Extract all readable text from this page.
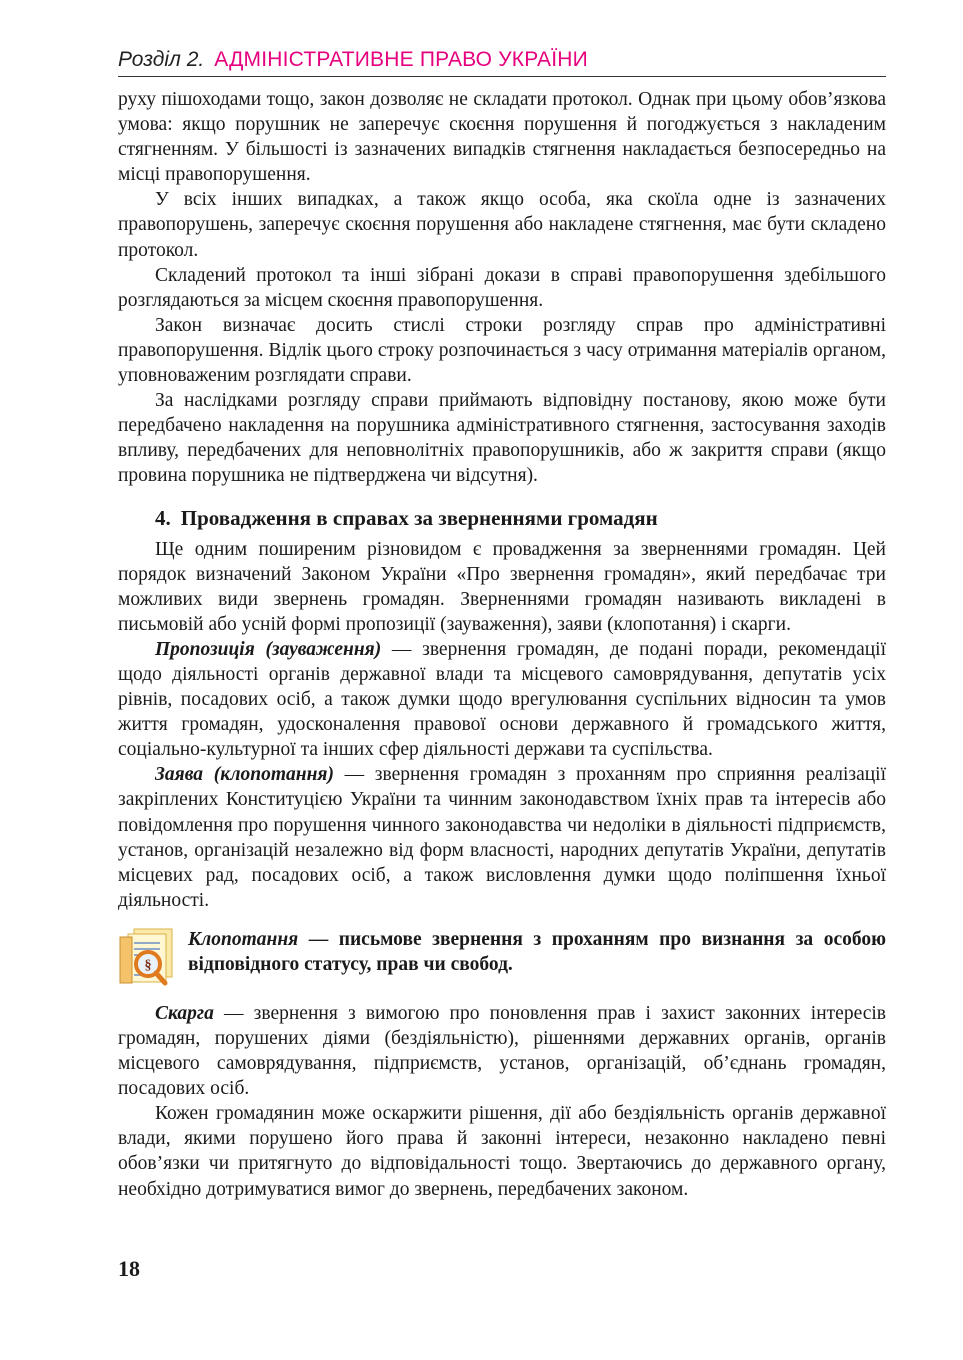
Розділ 2. АДМІНІСТРАТИВНЕ ПРАВО УКРАЇНИ

руху пішоходами тощо, закон дозволяє не складати протокол. Однак при цьому обов’язкова умова: якщо порушник не заперечує скоєння порушення й погоджується з накладеним стягненням. У більшості із зазначених випадків стягнення накладається безпосередньо на місці правопорушення.

У всіх інших випадках, а також якщо особа, яка скоїла одне із зазначених правопорушень, заперечує скоєння порушення або накладене стягнення, має бути складено протокол.

Складений протокол та інші зібрані докази в справі правопорушення здебільшого розглядаються за місцем скоєння правопорушення.

Закон визначає досить стислі строки розгляду справ про адміністративні правопорушення. Відлік цього строку розпочинається з часу отримання матеріалів органом, уповноваженим розглядати справи.

За наслідками розгляду справи приймають відповідну постанову, якою може бути передбачено накладення на порушника адміністративного стягнення, застосування заходів впливу, передбачених для неповнолітніх правопорушників, або ж закриття справи (якщо провина порушника не підтверджена чи відсутня).

4. Провадження в справах за зверненнями громадян

Ще одним поширеним різновидом є провадження за зверненнями громадян. Цей порядок визначений Законом України «Про звернення громадян», який передбачає три можливих види звернень громадян. Зверненнями громадян називають викладені в письмовій або усній формі пропозиції (зауваження), заяви (клопотання) і скарги.

Пропозиція (зауваження) — звернення громадян, де подані поради, рекомендації щодо діяльності органів державної влади та місцевого самоврядування, депутатів усіх рівнів, посадових осіб, а також думки щодо врегулювання суспільних відносин та умов життя громадян, удосконалення правової основи державного й громадського життя, соціально-культурної та інших сфер діяльності держави та суспільства.

Заява (клопотання) — звернення громадян з проханням про сприяння реалізації закріплених Конституцією України та чинним законодавством їхніх прав та інтересів або повідомлення про порушення чинного законодавства чи недоліки в діяльності підприємств, установ, організацій незалежно від форм власності, народних депутатів України, депутатів місцевих рад, посадових осіб, а також висловлення думки щодо поліпшення їхньої діяльності.

§

Клопотання — письмове звернення з проханням про визнання за особою відповідного статусу, прав чи свобод.

Скарга — звернення з вимогою про поновлення прав і захист законних інтересів громадян, порушених діями (бездіяльністю), рішеннями державних органів, органів місцевого самоврядування, підприємств, установ, організацій, об’єднань громадян, посадових осіб.

Кожен громадянин може оскаржити рішення, дії або бездіяльність органів державної влади, якими порушено його права й законні інтереси, незаконно накладено певні обов’язки чи притягнуто до відповідальності тощо. Звертаючись до державного органу, необхідно дотримуватися вимог до звернень, передбачених законом.

18
